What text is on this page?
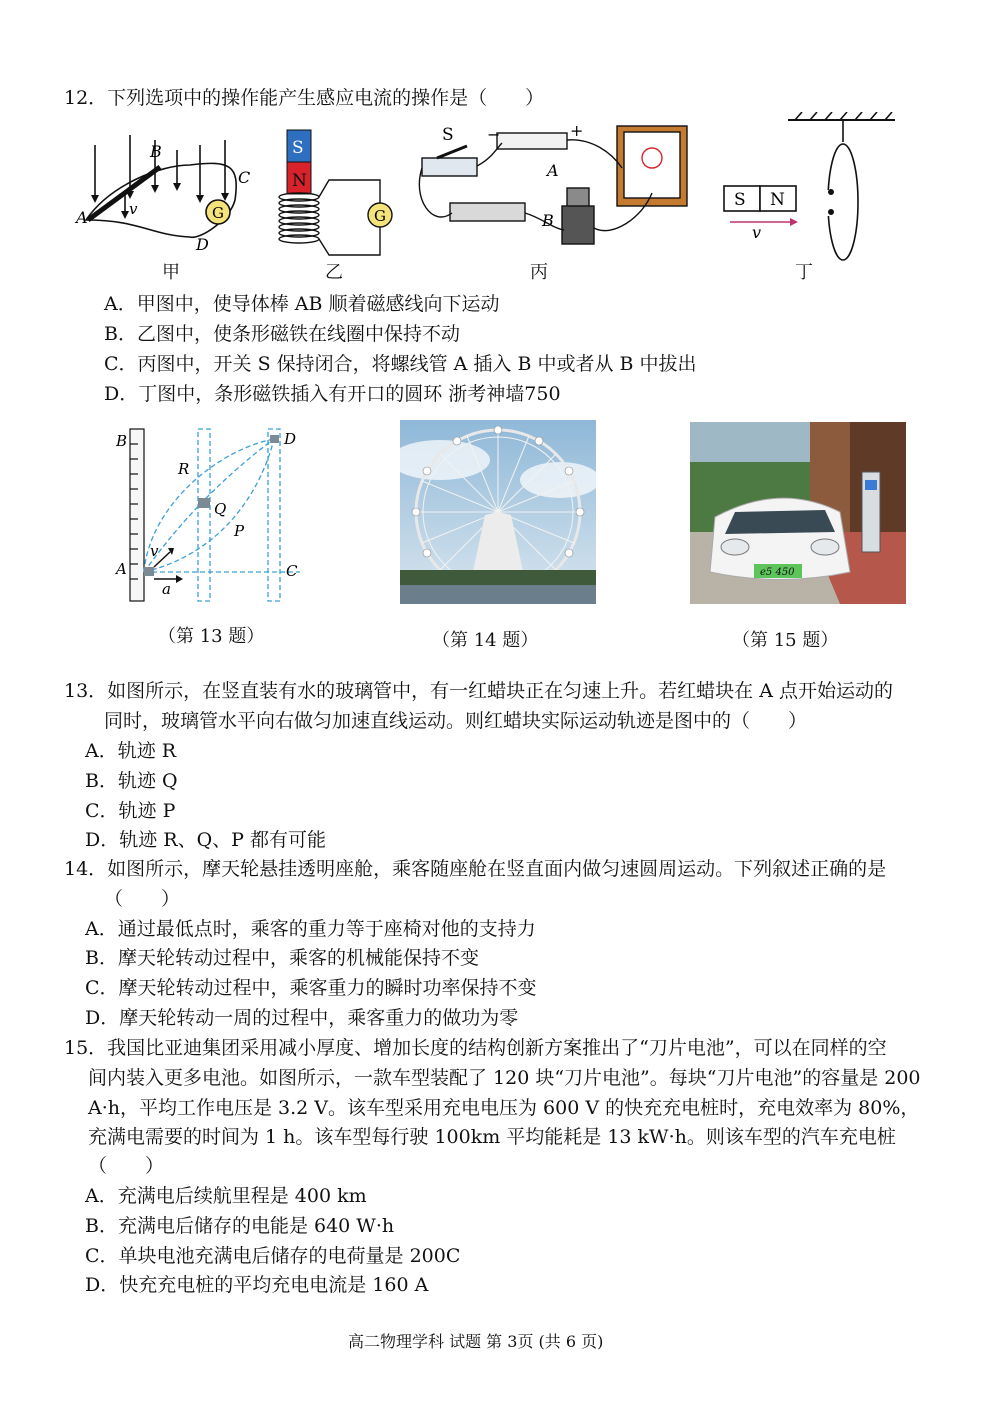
12．下列选项中的操作能产生感应电流的操作是（　　）
A
B
C
D
v	G
S
N
G
S
A
B
−	+
S N
v
甲	乙	丙	丁
A．甲图中，使导体棒 AB 顺着磁感线向下运动
B．乙图中，使条形磁铁在线圈中保持不动
C．丙图中，开关 S 保持闭合，将螺线管 A 插入 B 中或者从 B 中拔出
D．丁图中，条形磁铁插入有开口的圆环 浙考神墙750
B	D
R
Q
P
v
A
a
C	e5 450
（第 13 题）	（第 14 题）	（第 15 题）
13．如图所示，在竖直装有水的玻璃管中，有一红蜡块正在匀速上升。若红蜡块在 A 点开始运动的
同时，玻璃管水平向右做匀加速直线运动。则红蜡块实际运动轨迹是图中的（　　）
A．轨迹 R
B．轨迹 Q
C．轨迹 P
D．轨迹 R、Q、P 都有可能
14．如图所示，摩天轮悬挂透明座舱，乘客随座舱在竖直面内做匀速圆周运动。下列叙述正确的是
（　　）
A．通过最低点时，乘客的重力等于座椅对他的支持力
B．摩天轮转动过程中，乘客的机械能保持不变
C．摩天轮转动过程中，乘客重力的瞬时功率保持不变
D．摩天轮转动一周的过程中，乘客重力的做功为零
15．我国比亚迪集团采用减小厚度、增加长度的结构创新方案推出了“刀片电池”，可以在同样的空
间内装入更多电池。如图所示，一款车型装配了 120 块“刀片电池”。每块“刀片电池”的容量是 200
A·h，平均工作电压是 3.2 V。该车型采用充电电压为 600 V 的快充充电桩时，充电效率为 80%，
充满电需要的时间为 1 h。该车型每行驶 100km 平均能耗是 13 kW·h。则该车型的汽车充电桩
（　　）
A．充满电后续航里程是 400 km
B．充满电后储存的电能是 640 W·h
C．单块电池充满电后储存的电荷量是 200C
D．快充充电桩的平均充电电流是 160 A
高二物理学科 试题 第 3页 (共 6 页)
